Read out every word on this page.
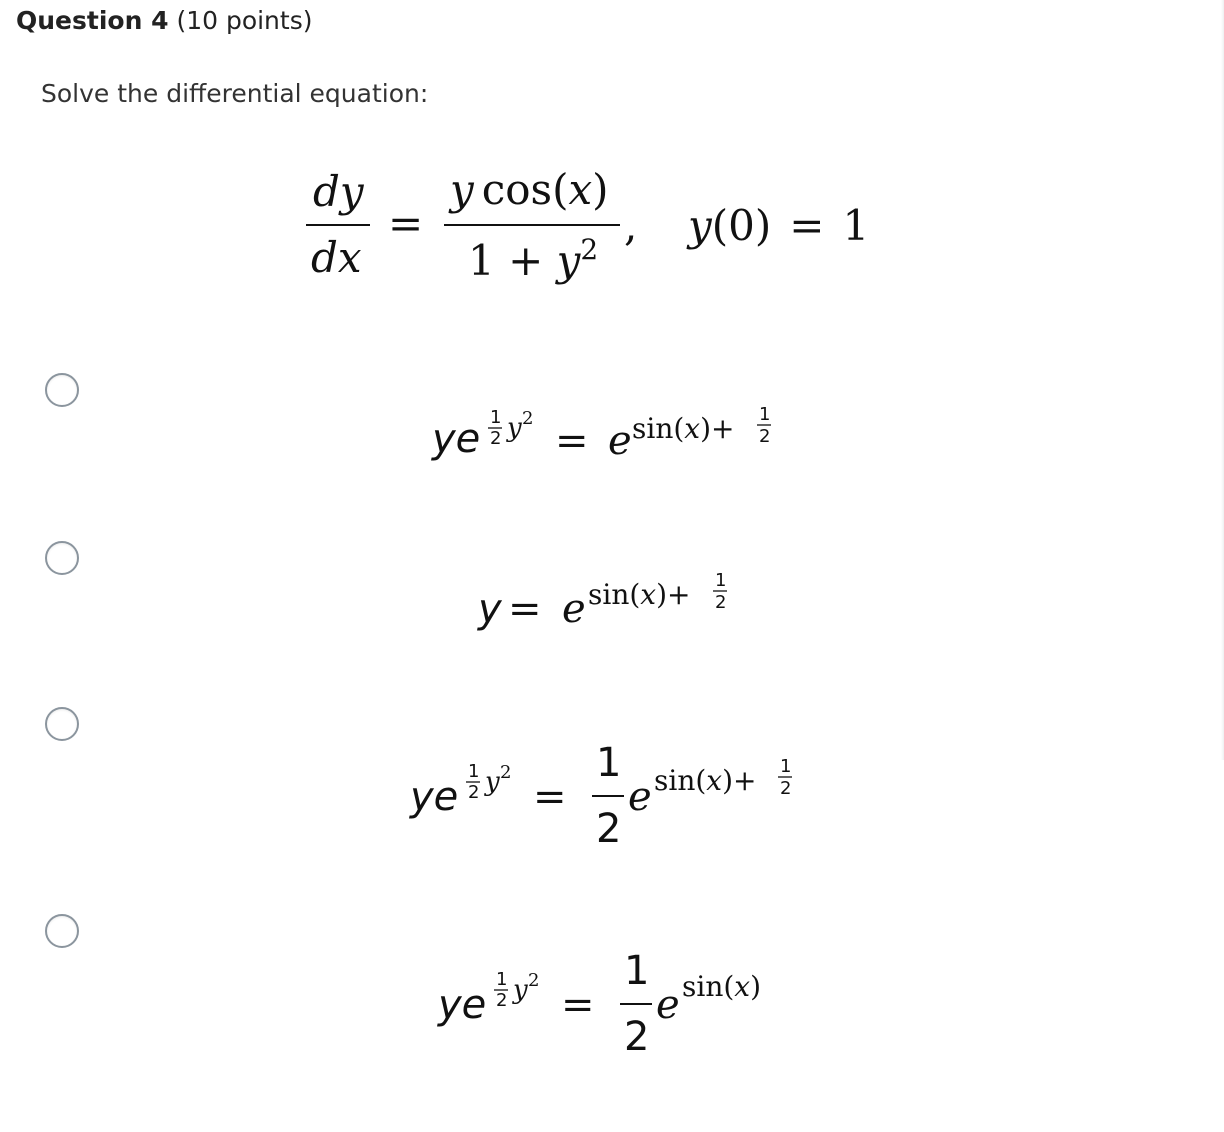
Question 4 (10 points)
Solve the differential equation:
dy
dx
=
y cos(x)
$1 + y^2$ , y(0) = 1
ye 1
2 y 2 = e sin(x)+ 1
2
y = e sin(x)+ 1
2
ye
1
2 y 2
=
1
2
e sin(x)+ 1
2
ye
1
2 y 2
=
1
2
e sin(x)
